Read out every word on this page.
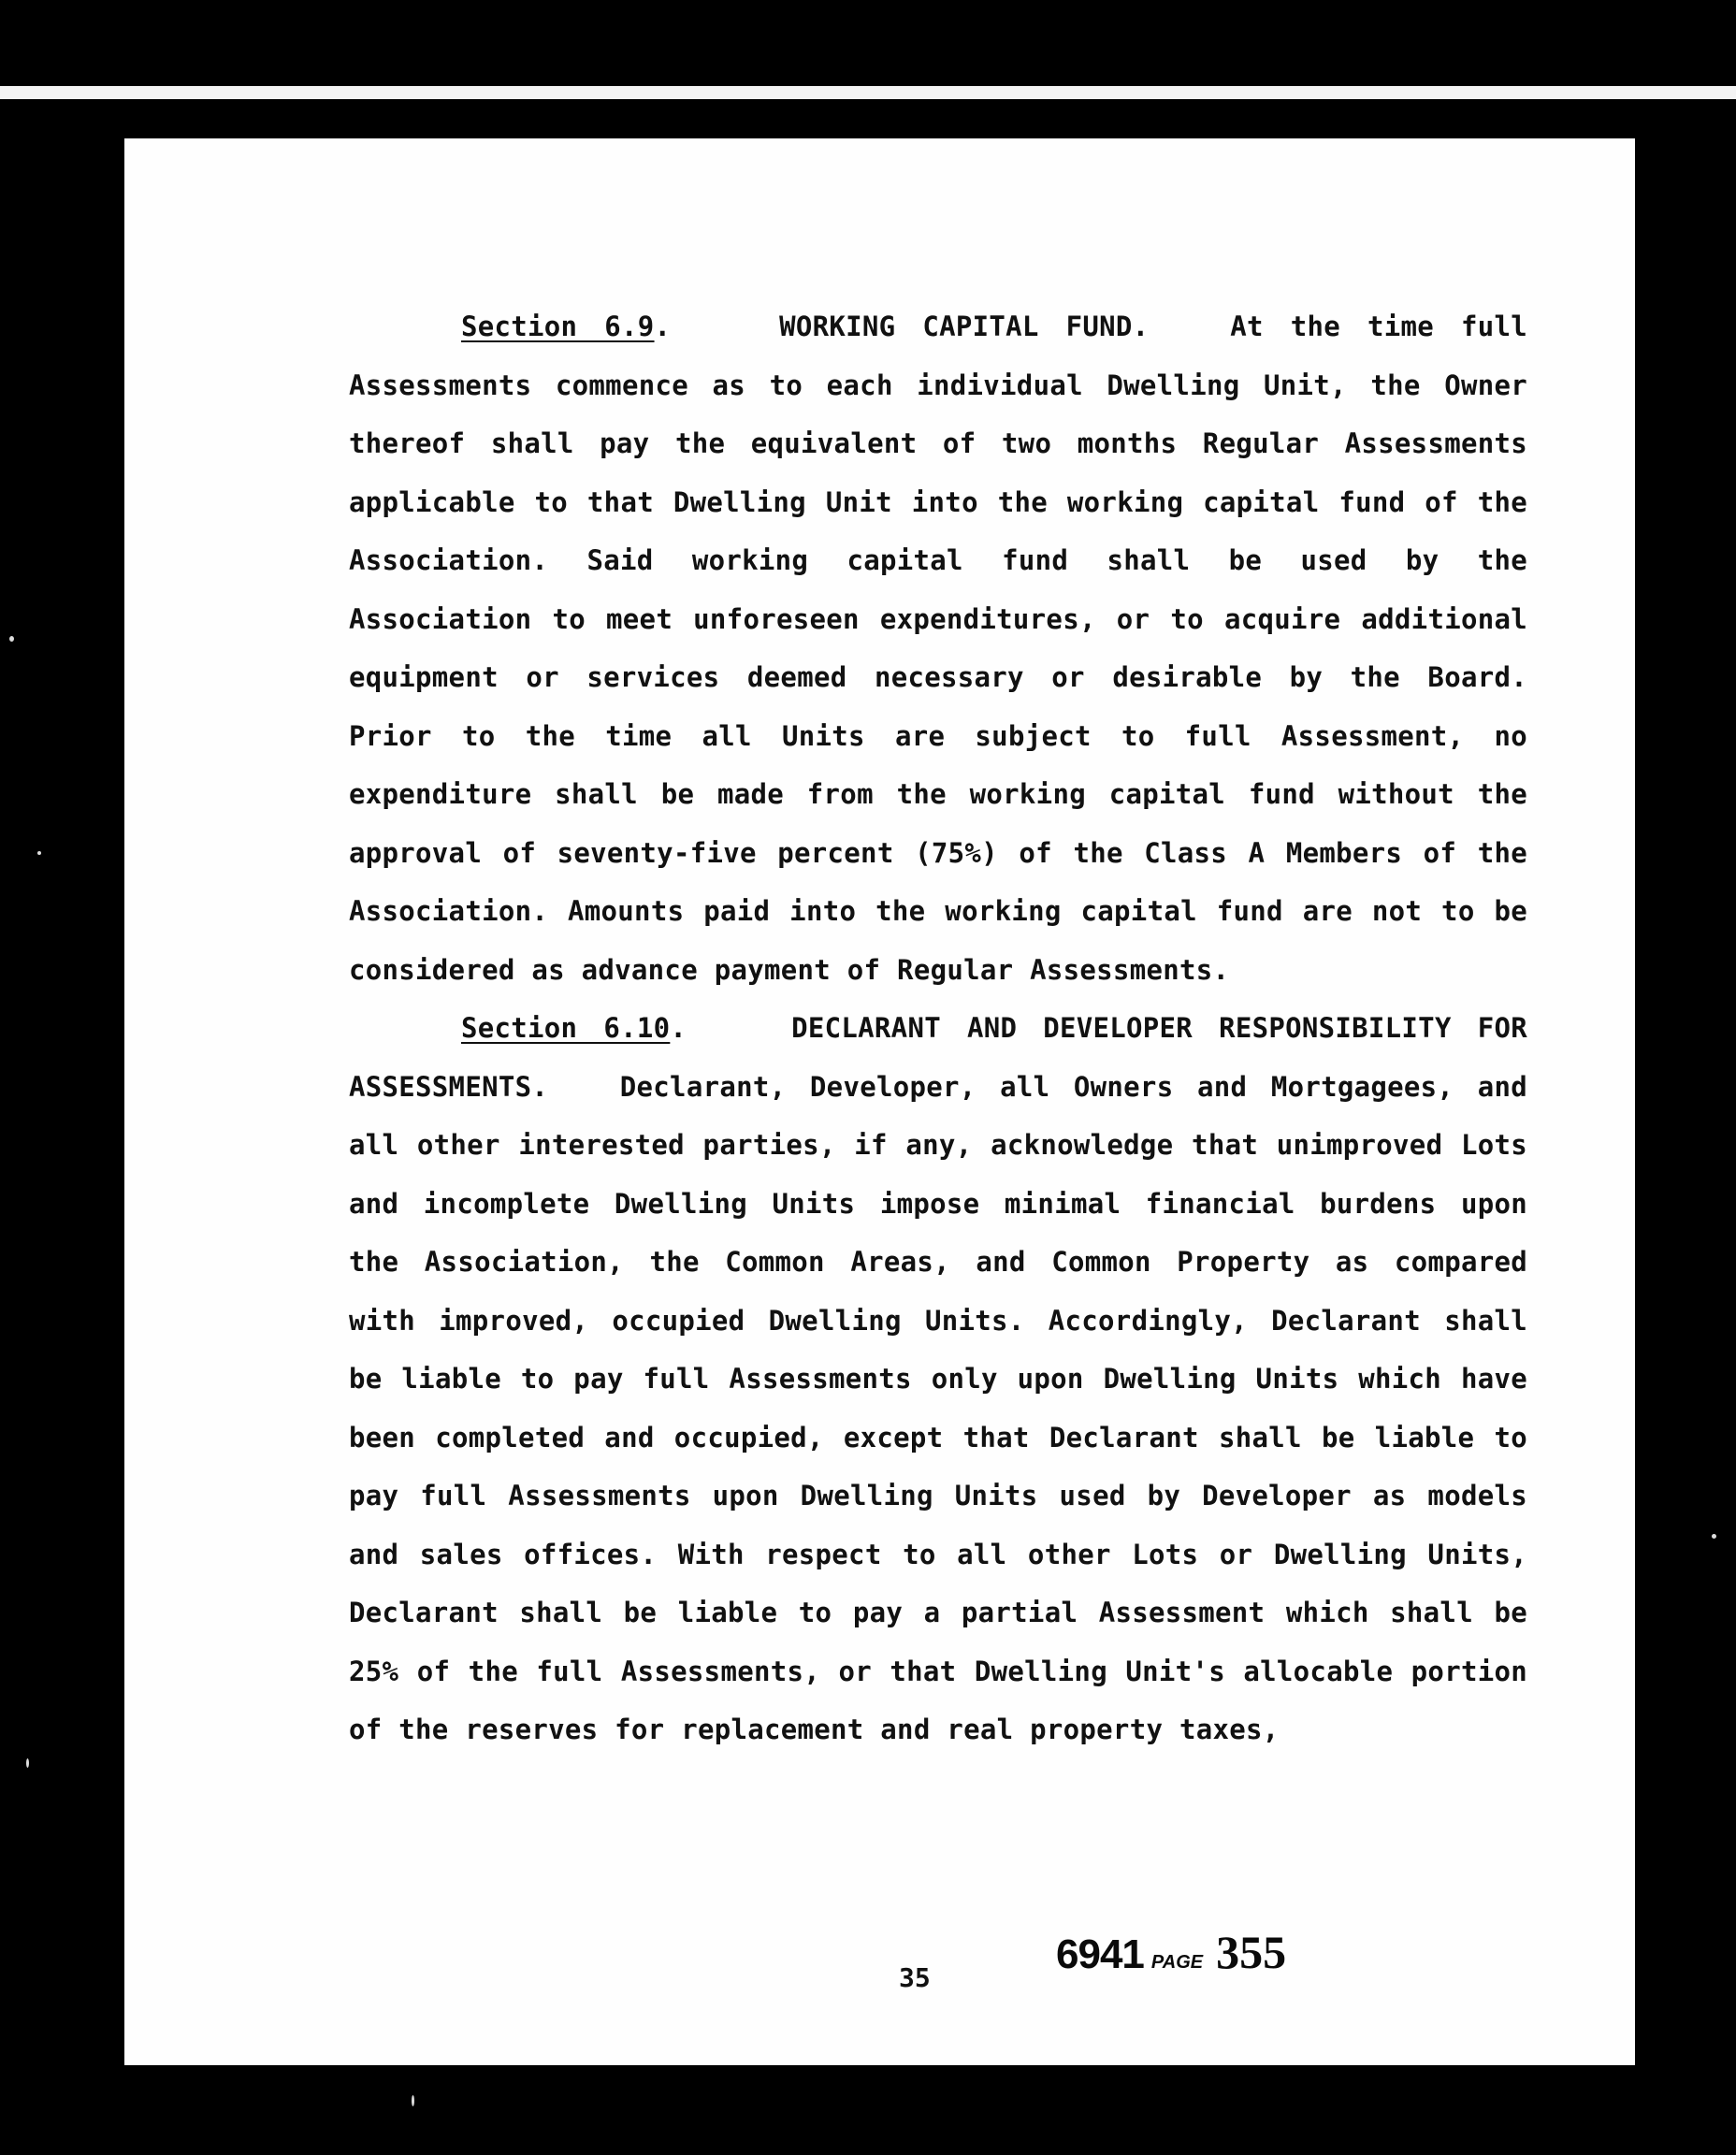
Section 6.9.    WORKING CAPITAL FUND.	At the time full Assessments commence as to each individual Dwelling Unit, the Owner thereof shall pay the equivalent of two months Regular Assessments applicable to that Dwelling Unit into the working capital fund of the Association. Said working capital fund shall be used by the Association to meet unforeseen expenditures, or to acquire additional equipment or services deemed necessary or desirable by the Board. Prior to the time all Units are subject to full Assessment, no expenditure shall be made from the working capital fund without the approval of seventy-five percent (75%) of the Class A Members of the Association. Amounts paid into the working capital fund are not to be considered as advance payment of Regular Assessments.

Section 6.10.    DECLARANT AND DEVELOPER RESPONSIBILITY FOR ASSESSMENTS.	Declarant, Developer, all Owners and Mortgagees, and all other interested parties, if any, acknowledge that unimproved Lots and incomplete Dwelling Units impose minimal financial burdens upon the Association, the Common Areas, and Common Property as compared with improved, occupied Dwelling Units. Accordingly, Declarant shall be liable to pay full Assessments only upon Dwelling Units which have been completed and occupied, except that Declarant shall be liable to pay full Assessments upon Dwelling Units used by Developer as models and sales offices. With respect to all other Lots or Dwelling Units, Declarant shall be liable to pay a partial Assessment which shall be 25% of the full Assessments, or that Dwelling Unit's allocable portion of the reserves for replacement and real property taxes,

35
6941 PAGE 355
